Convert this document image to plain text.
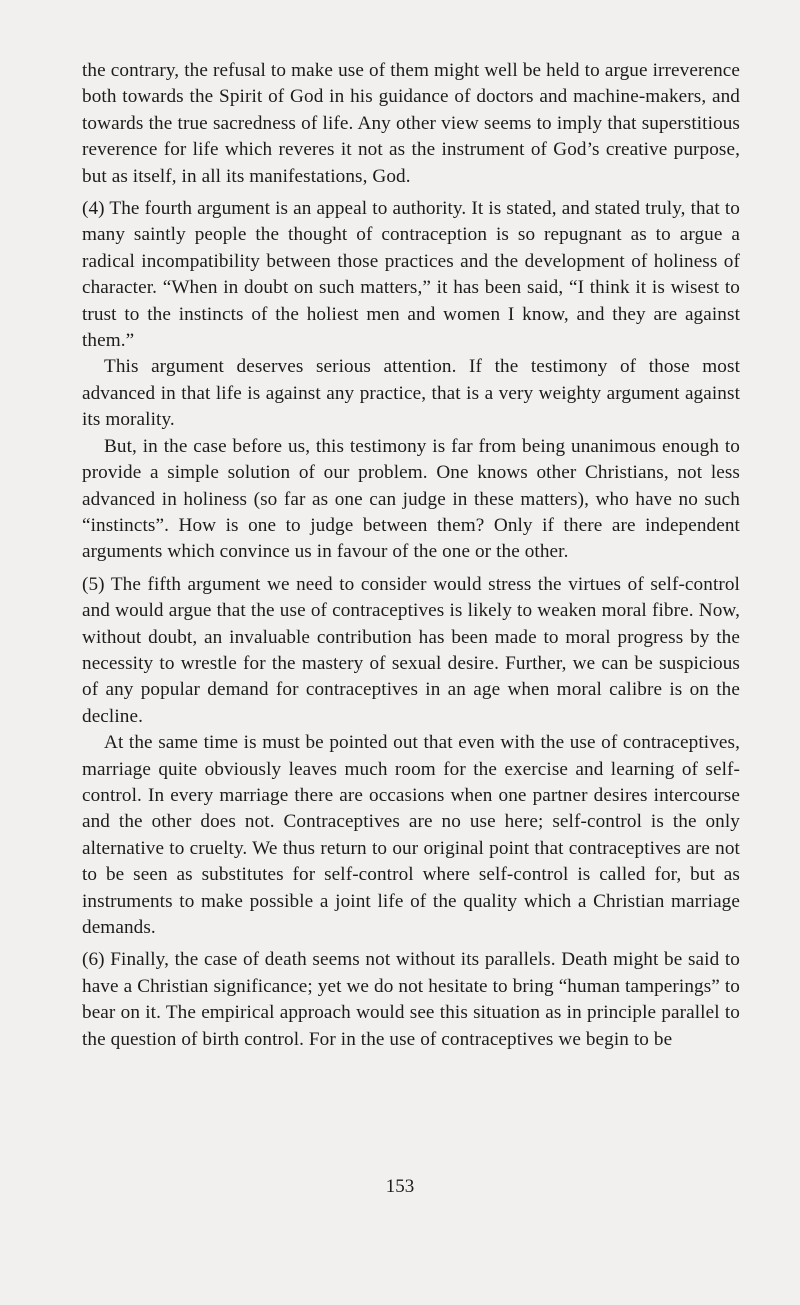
the contrary, the refusal to make use of them might well be held to argue irreverence both towards the Spirit of God in his guidance of doctors and machine-makers, and towards the true sacredness of life. Any other view seems to imply that superstitious reverence for life which reveres it not as the instrument of God’s creative purpose, but as itself, in all its manifestations, God.

(4) The fourth argument is an appeal to authority. It is stated, and stated truly, that to many saintly people the thought of contraception is so repugnant as to argue a radical incompatibility between those practices and the development of holiness of character. “When in doubt on such matters,” it has been said, “I think it is wisest to trust to the instincts of the holiest men and women I know, and they are against them.”

This argument deserves serious attention. If the testimony of those most advanced in that life is against any practice, that is a very weighty argument against its morality.

But, in the case before us, this testimony is far from being unanimous enough to provide a simple solution of our problem. One knows other Christians, not less advanced in holiness (so far as one can judge in these matters), who have no such “instincts”. How is one to judge between them? Only if there are independent arguments which convince us in favour of the one or the other.

(5) The fifth argument we need to consider would stress the virtues of self-control and would argue that the use of contraceptives is likely to weaken moral fibre. Now, without doubt, an invaluable contribution has been made to moral progress by the necessity to wrestle for the mastery of sexual desire. Further, we can be suspicious of any popular demand for contraceptives in an age when moral calibre is on the decline.

At the same time is must be pointed out that even with the use of contraceptives, marriage quite obviously leaves much room for the exercise and learning of self-control. In every marriage there are occasions when one partner desires intercourse and the other does not. Contraceptives are no use here; self-control is the only alternative to cruelty. We thus return to our original point that contraceptives are not to be seen as substitutes for self-control where self-control is called for, but as instruments to make possible a joint life of the quality which a Christian marriage demands.

(6) Finally, the case of death seems not without its parallels. Death might be said to have a Christian significance; yet we do not hesitate to bring “human tamperings” to bear on it. The empirical approach would see this situation as in principle parallel to the question of birth control. For in the use of contraceptives we begin to be

153
